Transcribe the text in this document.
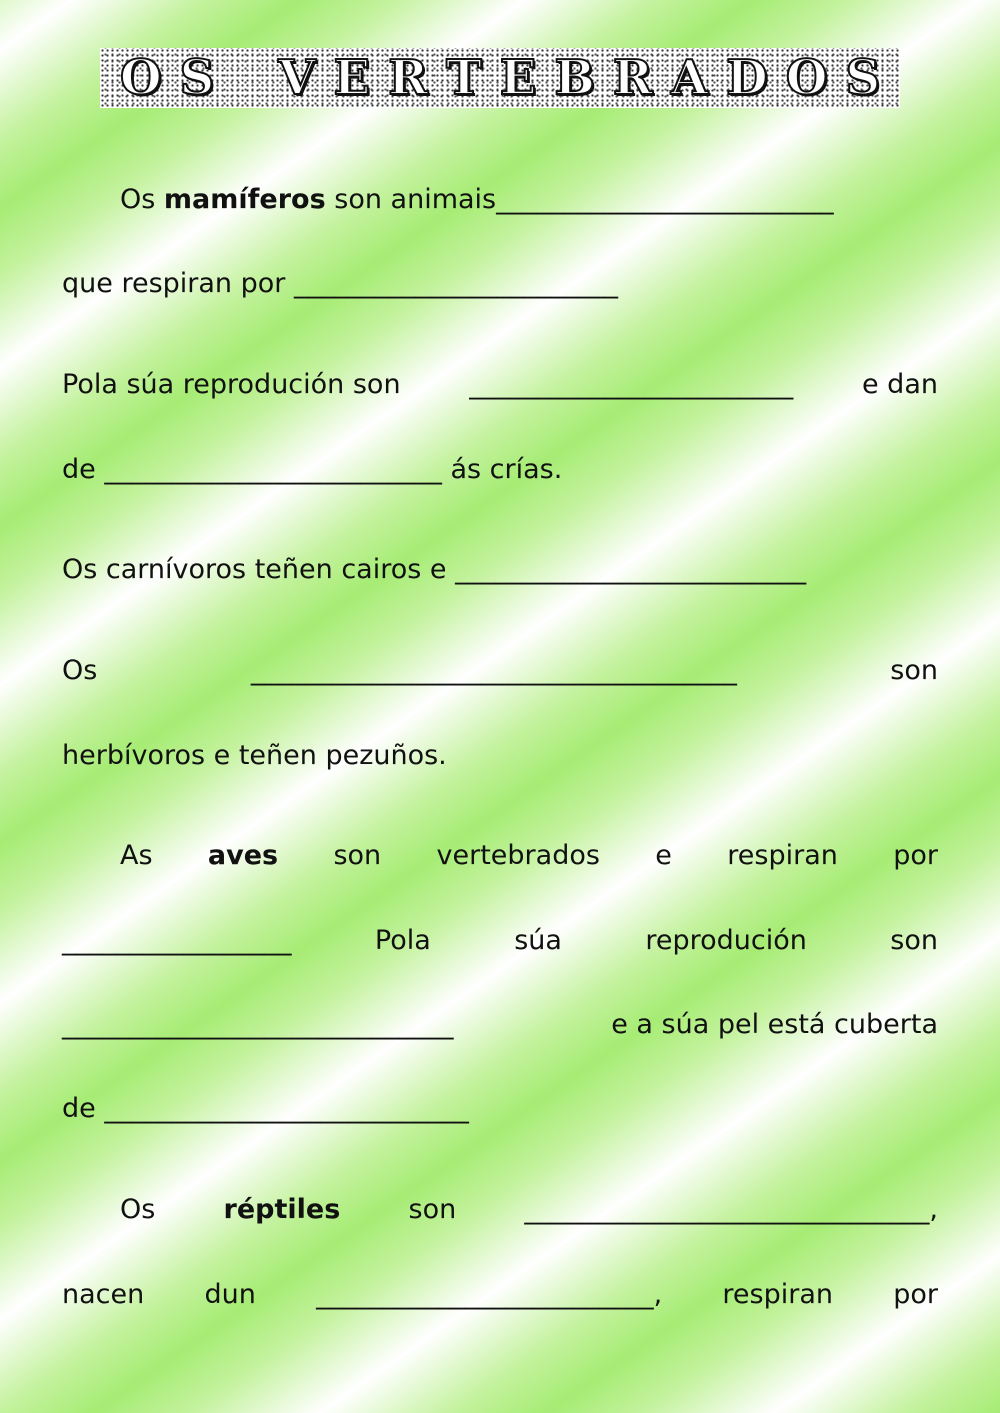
O S V E R T E B R A D O S
Os mamíferos son animais_________________________
que respiran por ________________________
Pola súa reprodución son	________________________	e dan
de _________________________ ás crías.
Os carnívoros teñen cairos e __________________________
Os	____________________________________	son
herbívoros e teñen pezuños.
As aves son vertebrados e respiran por
_________________	Pola	súa	reprodución	son
_____________________________	e a súa pel está cuberta
de ___________________________
Os	réptiles	son	______________________________,
nacen dun _________________________, respiran por
